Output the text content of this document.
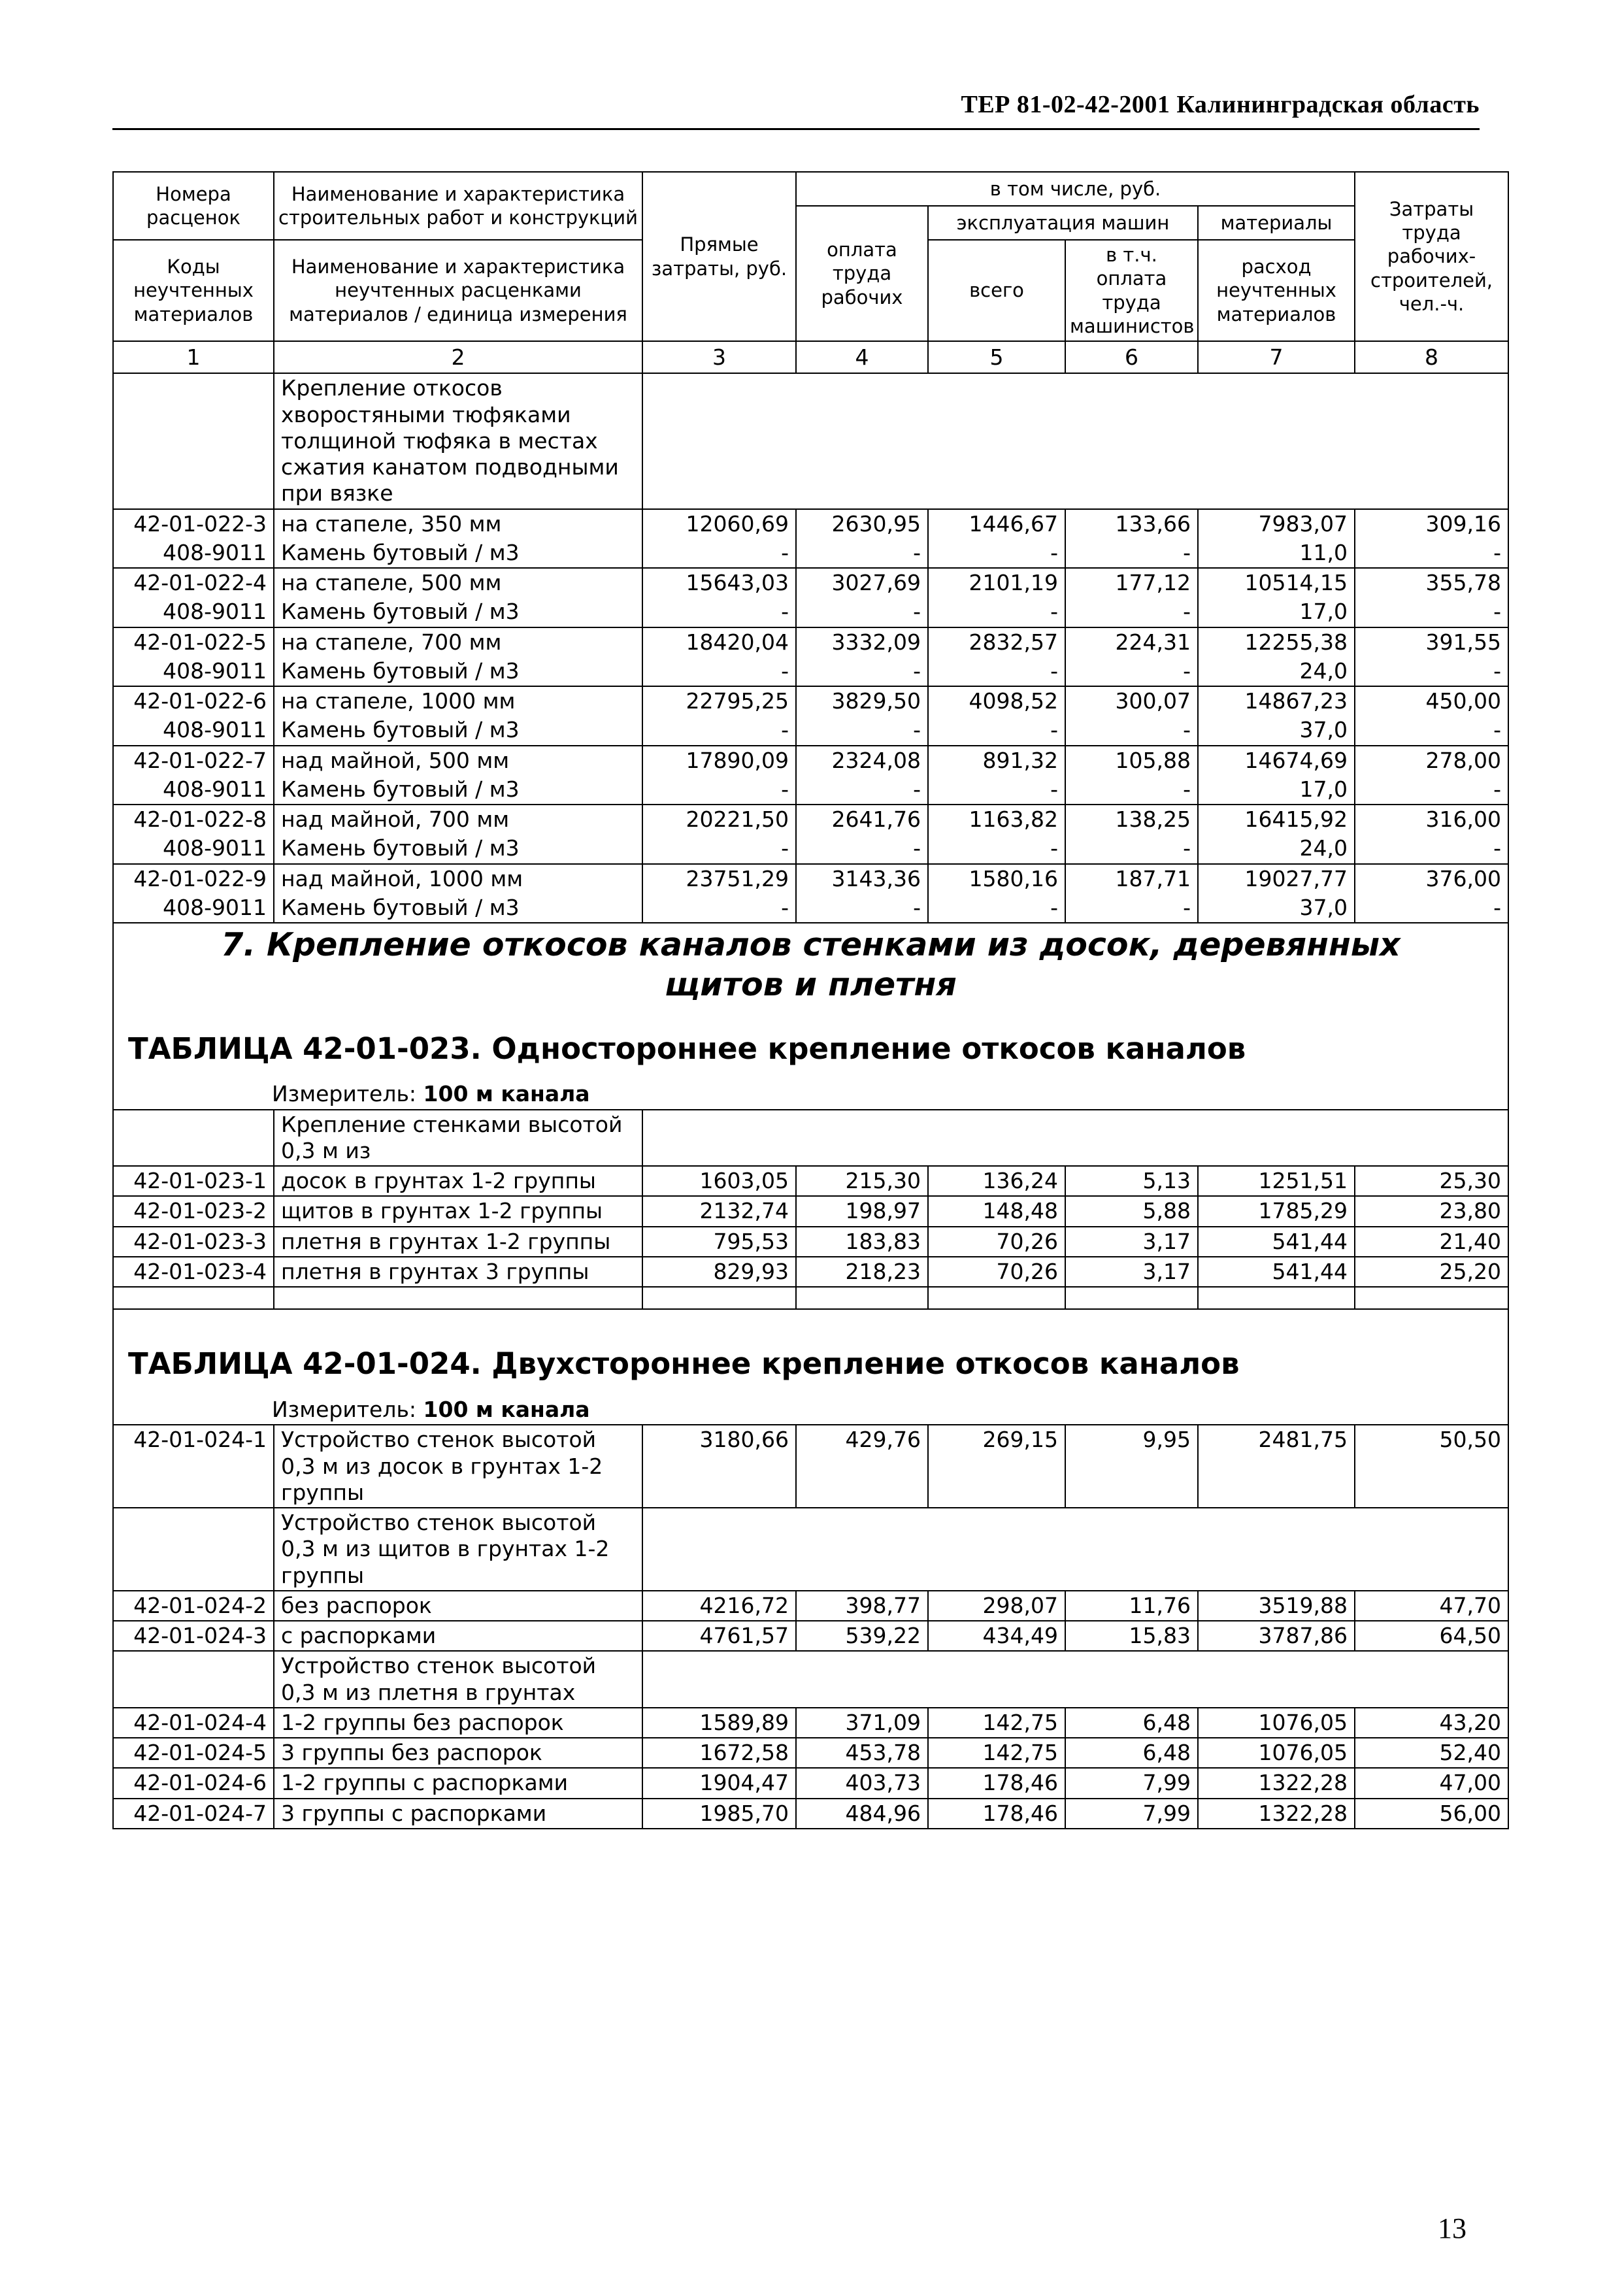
ТЕР 81-02-42-2001 Калининградская область
Номера расценок	Наименование и характеристика строительных работ и конструкций	Прямые затраты, руб.	в том числе, руб.				Затраты труда рабочих-строителей, чел.-ч.
			оплата труда рабочих	эксплуатация машин		материалы	
Коды неучтенных материалов	Наименование и характеристика неучтенных расценками материалов / единица измерения			всего	в т.ч. оплата труда машинистов	расход неучтенных материалов	

1	2	3	4	5	6	7	8
	Крепление откосов хворостяными тюфяками толщиной тюфяка в местах сжатия канатом подводными при вязке						
42-01-022-3	на стапеле, 350 мм	12060,69	2630,95	1446,67	133,66	7983,07	309,16
408-9011	Камень бутовый / м3	-	-	-	-	11,0	-
42-01-022-4	на стапеле, 500 мм	15643,03	3027,69	2101,19	177,12	10514,15	355,78
408-9011	Камень бутовый / м3	-	-	-	-	17,0	-
42-01-022-5	на стапеле, 700 мм	18420,04	3332,09	2832,57	224,31	12255,38	391,55
408-9011	Камень бутовый / м3	-	-	-	-	24,0	-
42-01-022-6	на стапеле, 1000 мм	22795,25	3829,50	4098,52	300,07	14867,23	450,00
408-9011	Камень бутовый / м3	-	-	-	-	37,0	-
42-01-022-7	над майной, 500 мм	17890,09	2324,08	891,32	105,88	14674,69	278,00
408-9011	Камень бутовый / м3	-	-	-	-	17,0	-
42-01-022-8	над майной, 700 мм	20221,50	2641,76	1163,82	138,25	16415,92	316,00
408-9011	Камень бутовый / м3	-	-	-	-	24,0	-
42-01-022-9	над майной, 1000 мм	23751,29	3143,36	1580,16	187,71	19027,77	376,00
408-9011	Камень бутовый / м3	-	-	-	-	37,0	-

7. Крепление откосов каналов стенками из досок, деревянных щитов и плетня
ТАБЛИЦА 42-01-023. Одностороннее крепление откосов каналов
Измеритель: 100 м канала							

	Крепление стенками высотой 0,3 м из						
42-01-023-1	досок в грунтах 1-2 группы	1603,05	215,30	136,24	5,13	1251,51	25,30
42-01-023-2	щитов в грунтах 1-2 группы	2132,74	198,97	148,48	5,88	1785,29	23,80
42-01-023-3	плетня в грунтах 1-2 группы	795,53	183,83	70,26	3,17	541,44	21,40
42-01-023-4	плетня в грунтах 3 группы	829,93	218,23	70,26	3,17	541,44	25,20

ТАБЛИЦА 42-01-024. Двухстороннее крепление откосов каналов
Измеритель: 100 м канала							

42-01-024-1	Устройство стенок высотой 0,3 м из досок в грунтах 1-2 группы	3180,66	429,76	269,15	9,95	2481,75	50,50
	Устройство стенок высотой 0,3 м из щитов в грунтах 1-2 группы						
42-01-024-2	без распорок	4216,72	398,77	298,07	11,76	3519,88	47,70
42-01-024-3	с распорками	4761,57	539,22	434,49	15,83	3787,86	64,50
	Устройство стенок высотой 0,3 м из плетня в грунтах						
42-01-024-4	1-2 группы без распорок	1589,89	371,09	142,75	6,48	1076,05	43,20
42-01-024-5	3 группы без распорок	1672,58	453,78	142,75	6,48	1076,05	52,40
42-01-024-6	1-2 группы с распорками	1904,47	403,73	178,46	7,99	1322,28	47,00
42-01-024-7	3 группы с распорками	1985,70	484,96	178,46	7,99	1322,28	56,00
13
